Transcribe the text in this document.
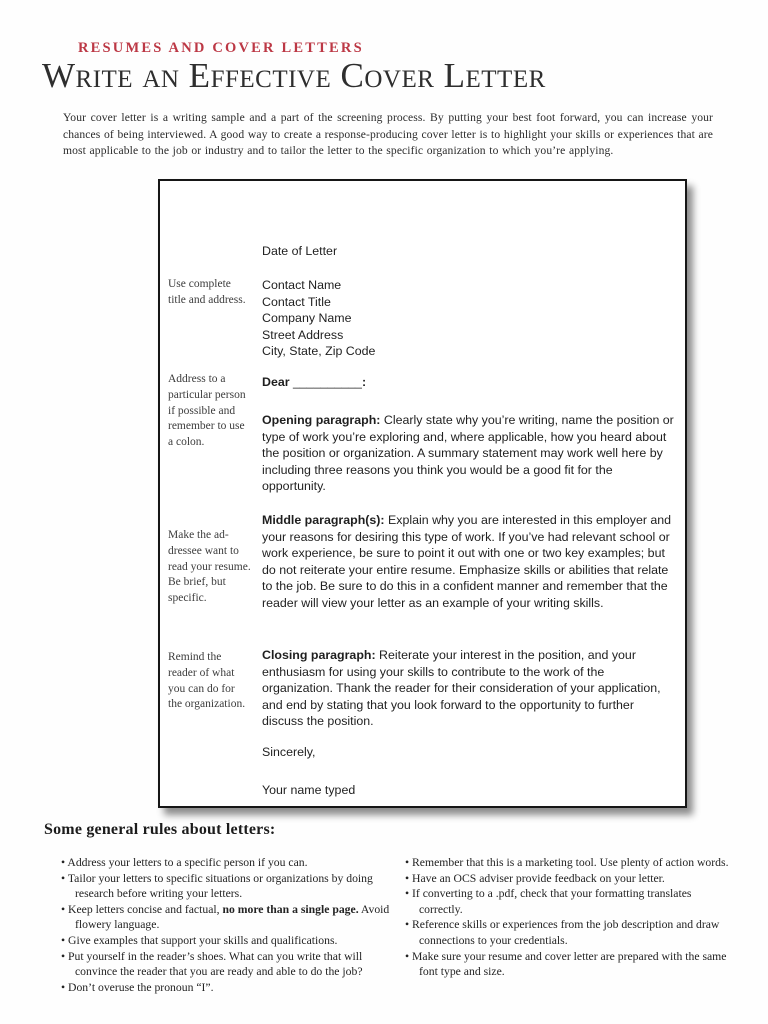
RESUMES AND COVER LETTERS
Write an Effective Cover Letter

Your cover letter is a writing sample and a part of the screening process. By putting your best foot forward, you can increase your chances of being interviewed. A good way to create a response-producing cover letter is to highlight your skills or experiences that are most applicable to the job or industry and to tailor the letter to the specific organization to which you’re applying.

Use complete
title and address.
Address to a
particular person
if possible and
remember to use
a colon.
Make the ad-
dressee want to
read your resume.
Be brief, but
specific.
Remind the
reader of what
you can do for
the organization.
Date of Letter
Contact Name
Contact Title
Company Name
Street Address
City, State, Zip Code
Dear __________:
Opening paragraph: Clearly state why you’re writing, name the position or type of work you’re exploring and, where applicable, how you heard about the position or organization. A summary statement may work well here by including three reasons you think you would be a good fit for the opportunity.
Middle paragraph(s): Explain why you are interested in this employer and your reasons for desiring this type of work. If you’ve had relevant school or work experience, be sure to point it out with one or two key examples; but do not reiterate your entire resume. Emphasize skills or abilities that relate to the job. Be sure to do this in a confident manner and remember that the reader will view your letter as an example of your writing skills.
Closing paragraph: Reiterate your interest in the position, and your enthusiasm for using your skills to contribute to the work of the organization. Thank the reader for their consideration of your application, and end by stating that you look forward to the opportunity to further discuss the position.
Sincerely,
Your name typed
Some general rules about letters:
• Address your letters to a specific person if you can.
• Tailor your letters to specific situations or organizations by doing research before writing your letters.
• Keep letters concise and factual, no more than a single page. Avoid flowery language.
• Give examples that support your skills and qualifications.
• Put yourself in the reader’s shoes. What can you write that will convince the reader that you are ready and able to do the job?
• Don’t overuse the pronoun “I”.
• Remember that this is a marketing tool. Use plenty of action words.
• Have an OCS adviser provide feedback on your letter.
• If converting to a .pdf, check that your formatting translates correctly.
• Reference skills or experiences from the job description and draw connections to your credentials.
• Make sure your resume and cover letter are prepared with the same font type and size.
